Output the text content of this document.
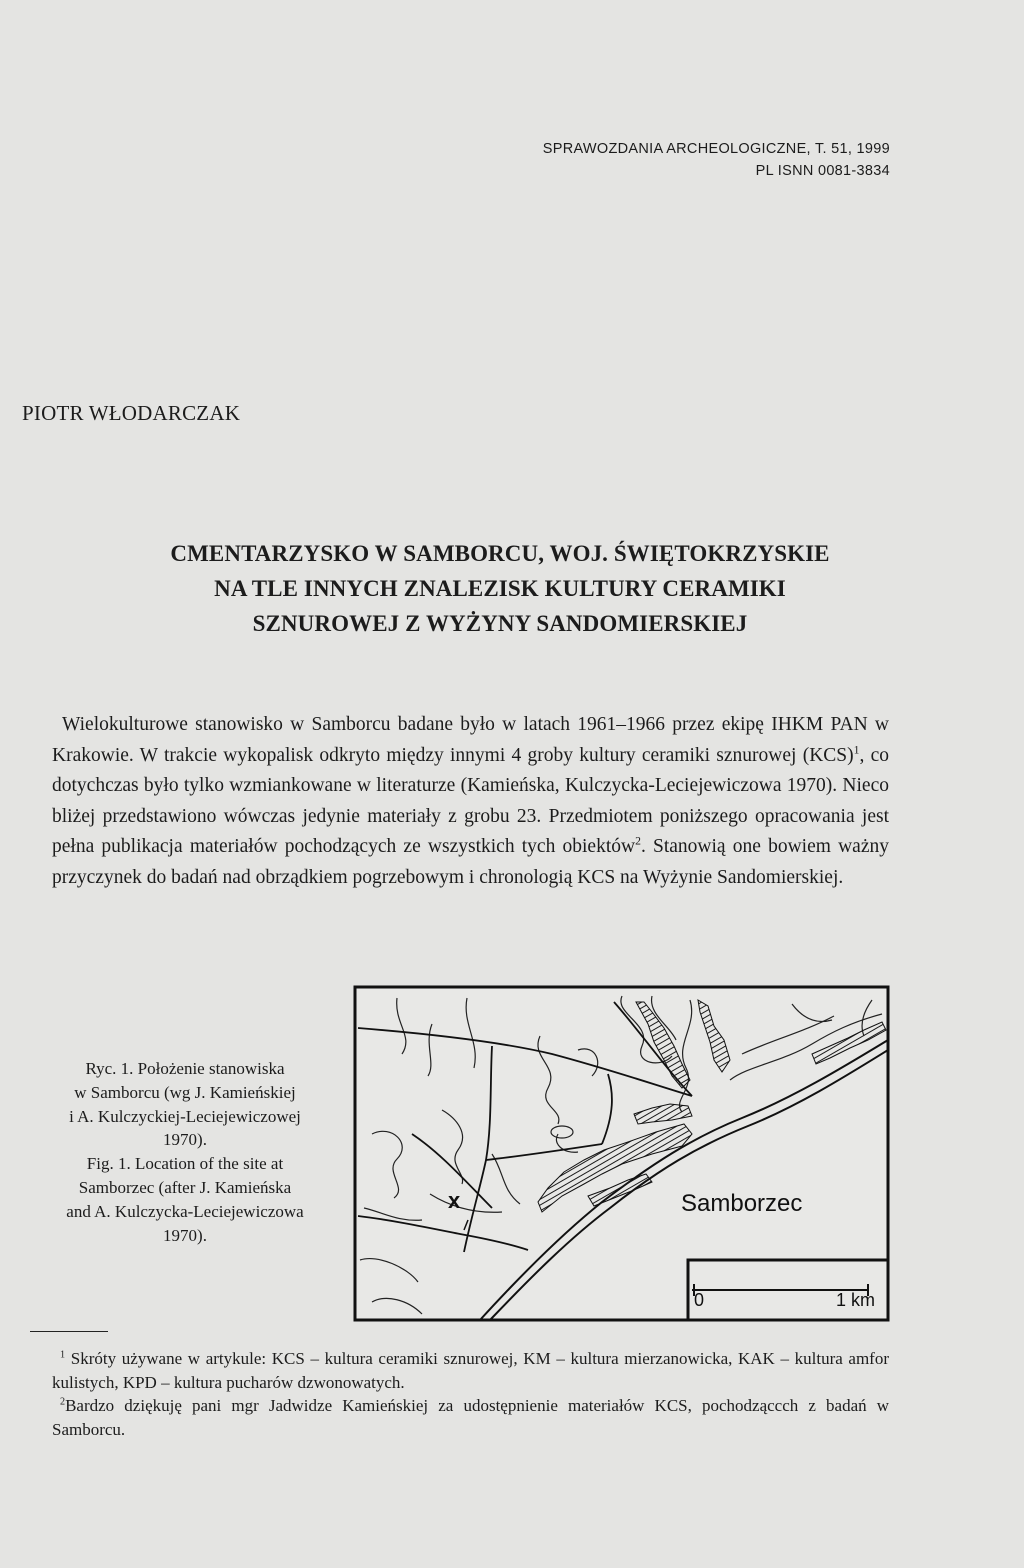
SPRAWOZDANIA ARCHEOLOGICZNE, T. 51, 1999
PL ISNN 0081-3834
PIOTR WŁODARCZAK
CMENTARZYSKO W SAMBORCU, WOJ. ŚWIĘTOKRZYSKIE
NA TLE INNYCH ZNALEZISK KULTURY CERAMIKI
SZNUROWEJ Z WYŻYNY SANDOMIERSKIEJ
Wielokulturowe stanowisko w Samborcu badane było w latach 1961–1966 przez ekipę IHKM PAN w Krakowie. W trakcie wykopalisk odkryto między innymi 4 groby kultury ceramiki sznurowej (KCS)$^1$, co dotychczas było tylko wzmiankowane w literaturze (Kamieńska, Kulczycka-Leciejewiczowa 1970). Nieco bliżej przedstawiono wówczas jedynie materiały z grobu 23. Przedmiotem poniższego opracowania jest pełna publikacja materiałów pochodzących ze wszystkich tych obiektów$^2$. Stanowią one bowiem ważny przyczynek do badań nad obrządkiem pogrzebowym i chronologią KCS na Wyżynie Sandomierskiej.
Ryc. 1. Położenie stanowiska
w Samborcu (wg J. Kamieńskiej
i A. Kulczyckiej-Leciejewiczowej
1970).
Fig. 1. Location of the site at
Samborzec (after J. Kamieńska
and A. Kulczycka-Leciejewiczowa
1970).
x	Samborzec
0	1 km
$^1$ Skróty używane w artykule: KCS – kultura ceramiki sznurowej, KM – kultura mierzanowicka, KAK – kultura amfor kulistych, KPD – kultura pucharów dzwonowatych.
$^2$Bardzo dziękuję pani mgr Jadwidze Kamieńskiej za udostępnienie materiałów KCS, pochodząccch z badań w Samborcu.
